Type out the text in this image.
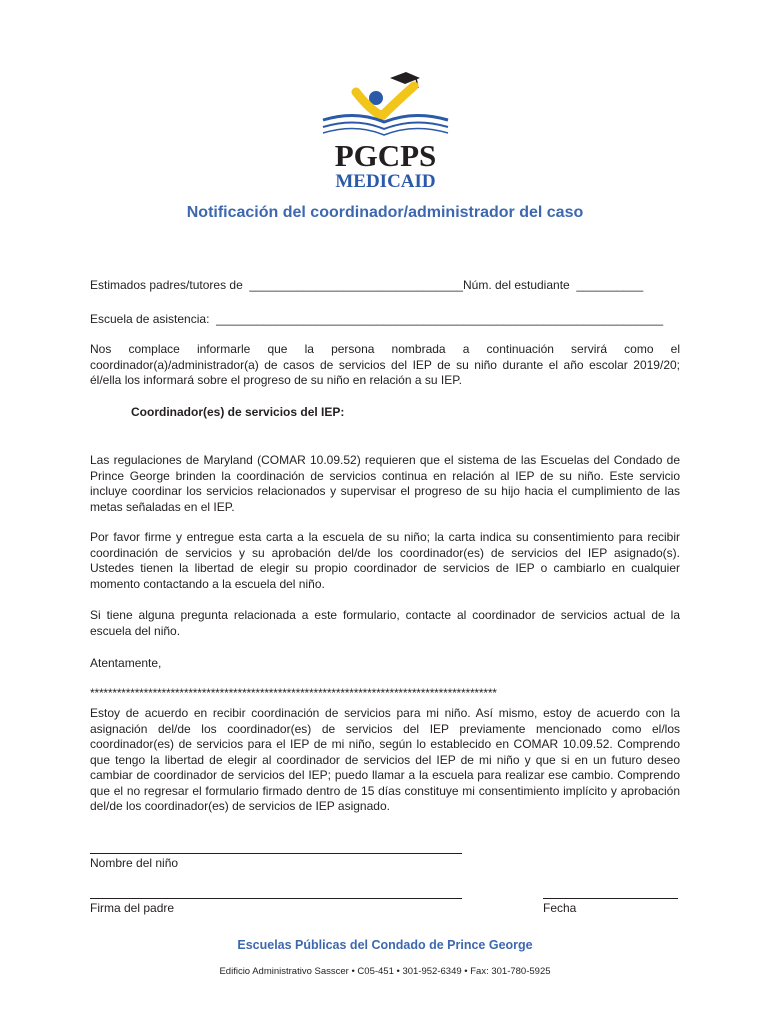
PGCPS
MEDICAID
Notificación del coordinador/administrador del caso
Estimados padres/tutores de  ________________________________Núm. del estudiante  __________
Escuela de asistencia:  ___________________________________________________________________

Nos complace informarle que la persona nombrada a continuación servirá como el coordinador(a)/administrador(a) de casos de servicios del IEP de su niño durante el año escolar 2019/20; él/ella los informará sobre el progreso de su niño en relación a su IEP.

Coordinador(es) de servicios del IEP:

Las regulaciones de Maryland (COMAR 10.09.52) requieren que el sistema de las Escuelas del Condado de Prince George brinden la coordinación de servicios continua en relación al IEP de su niño. Este servicio incluye coordinar los servicios relacionados y supervisar el progreso de su hijo hacia el cumplimiento de las metas señaladas en el IEP.

Por favor firme y entregue esta carta a la escuela de su niño; la carta indica su consentimiento para recibir coordinación de servicios y su aprobación del/de los coordinador(es) de servicios del IEP asignado(s). Ustedes tienen la libertad de elegir su propio coordinador de servicios de IEP o cambiarlo en cualquier momento contactando a la escuela del niño.

Si tiene alguna pregunta relacionada a este formulario, contacte al coordinador de servicios actual de la escuela del niño.

Atentamente,
*******************************************************************************************

Estoy de acuerdo en recibir coordinación de servicios para mi niño. Así mismo, estoy de acuerdo con la asignación del/de los coordinador(es) de servicios del IEP previamente mencionado como el/los coordinador(es) de servicios para el IEP de mi niño, según lo establecido en COMAR 10.09.52. Comprendo que tengo la libertad de elegir al coordinador de servicios del IEP de mi niño y que si en un futuro deseo cambiar de coordinador de servicios del IEP; puedo llamar a la escuela para realizar ese cambio. Comprendo que el no regresar el formulario firmado dentro de 15 días constituye mi consentimiento implícito y aprobación del/de los coordinador(es) de servicios de IEP asignado.

Nombre del niño
Firma del padre	Fecha
Escuelas Públicas del Condado de Prince George
Edificio Administrativo Sasscer • C05-451 • 301-952-6349 • Fax: 301-780-5925
